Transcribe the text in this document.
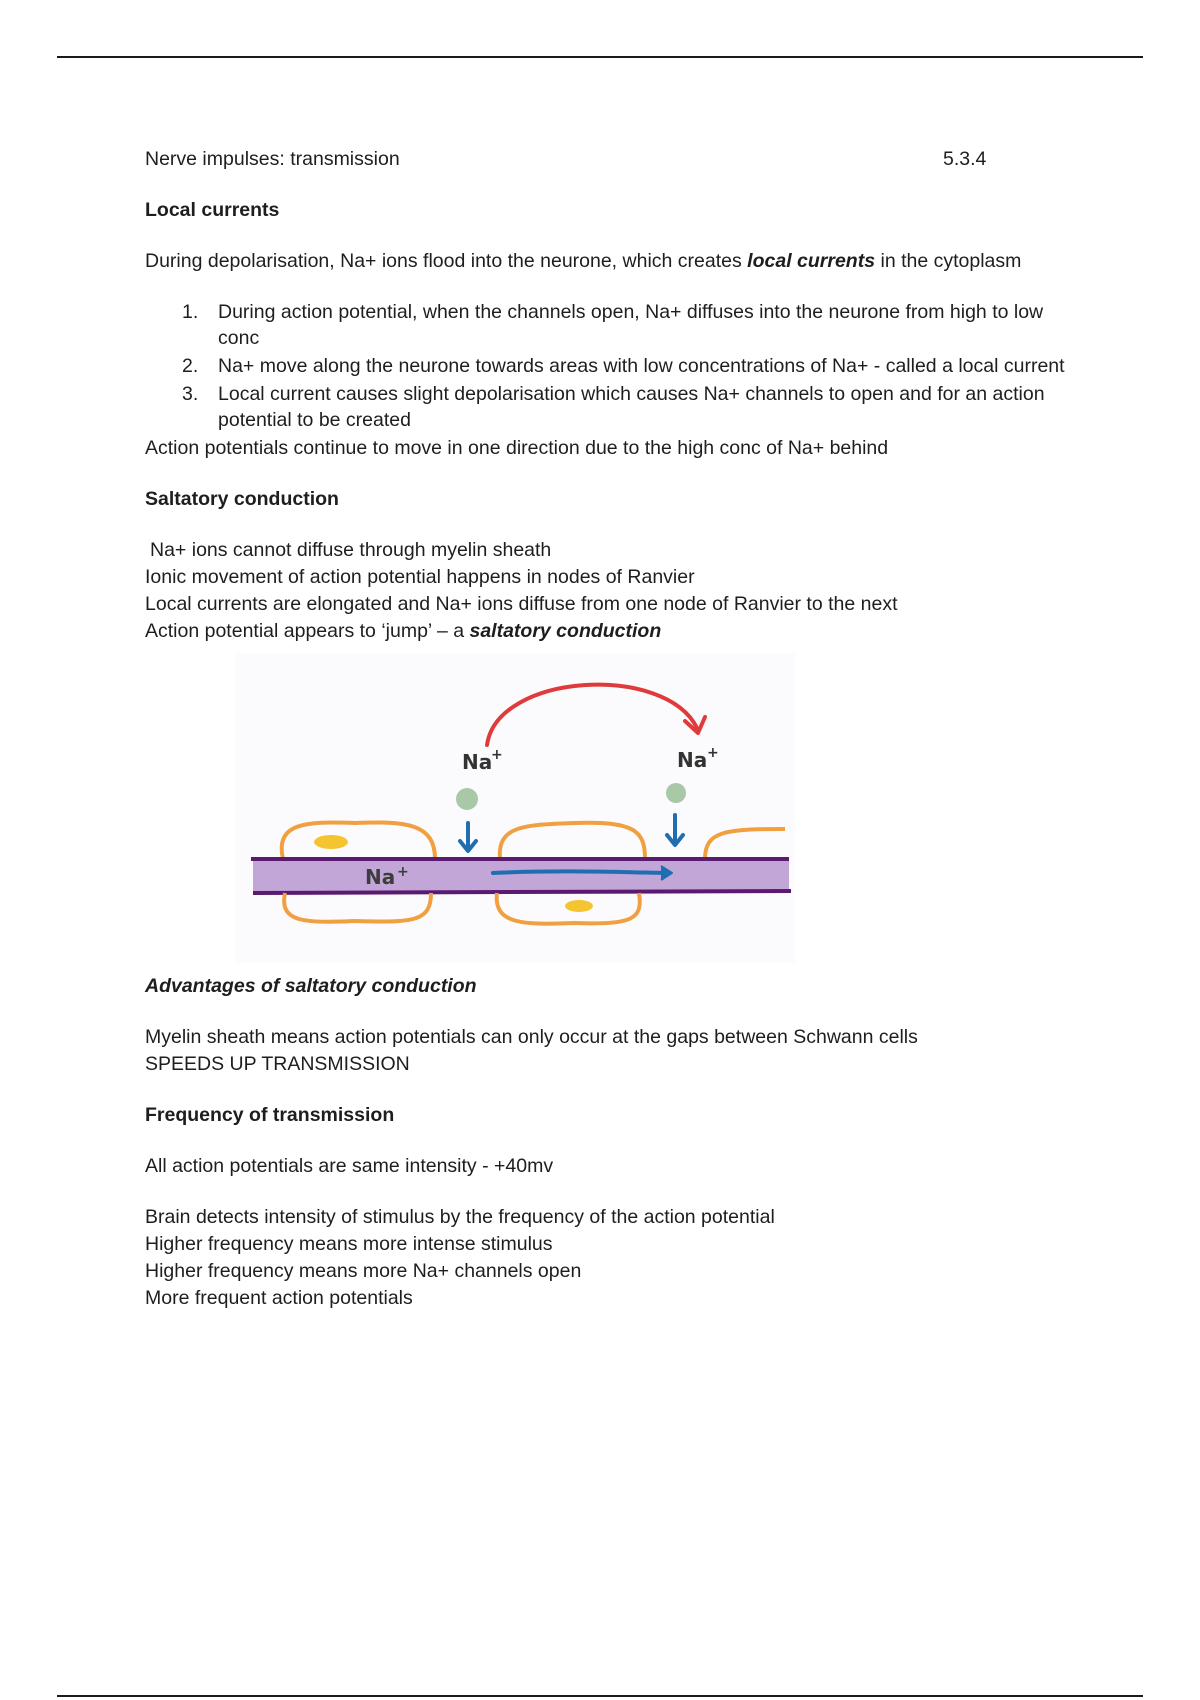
Nerve impulses: transmission	5.3.4
Local currents

During depolarisation, Na+ ions flood into the neurone, which creates local currents in the cytoplasm

1. During action potential, when the channels open, Na+ diffuses into the neurone from high to low conc
2. Na+ move along the neurone towards areas with low concentrations of Na+ - called a local current
3. Local current causes slight depolarisation which causes Na+ channels to open and for an action potential to be created

Action potentials continue to move in one direction due to the high conc of Na+ behind

Saltatory conduction

Na+ ions cannot diffuse through myelin sheath

Ionic movement of action potential happens in nodes of Ranvier

Local currents are elongated and Na+ ions diffuse from one node of Ranvier to the next

Action potential appears to ‘jump’ – a saltatory conduction

Na
+	Na +
Na +
Advantages of saltatory conduction

Myelin sheath means action potentials can only occur at the gaps between Schwann cells

SPEEDS UP TRANSMISSION

Frequency of transmission

All action potentials are same intensity - +40mv

Brain detects intensity of stimulus by the frequency of the action potential

Higher frequency means more intense stimulus

Higher frequency means more Na+ channels open

More frequent action potentials
